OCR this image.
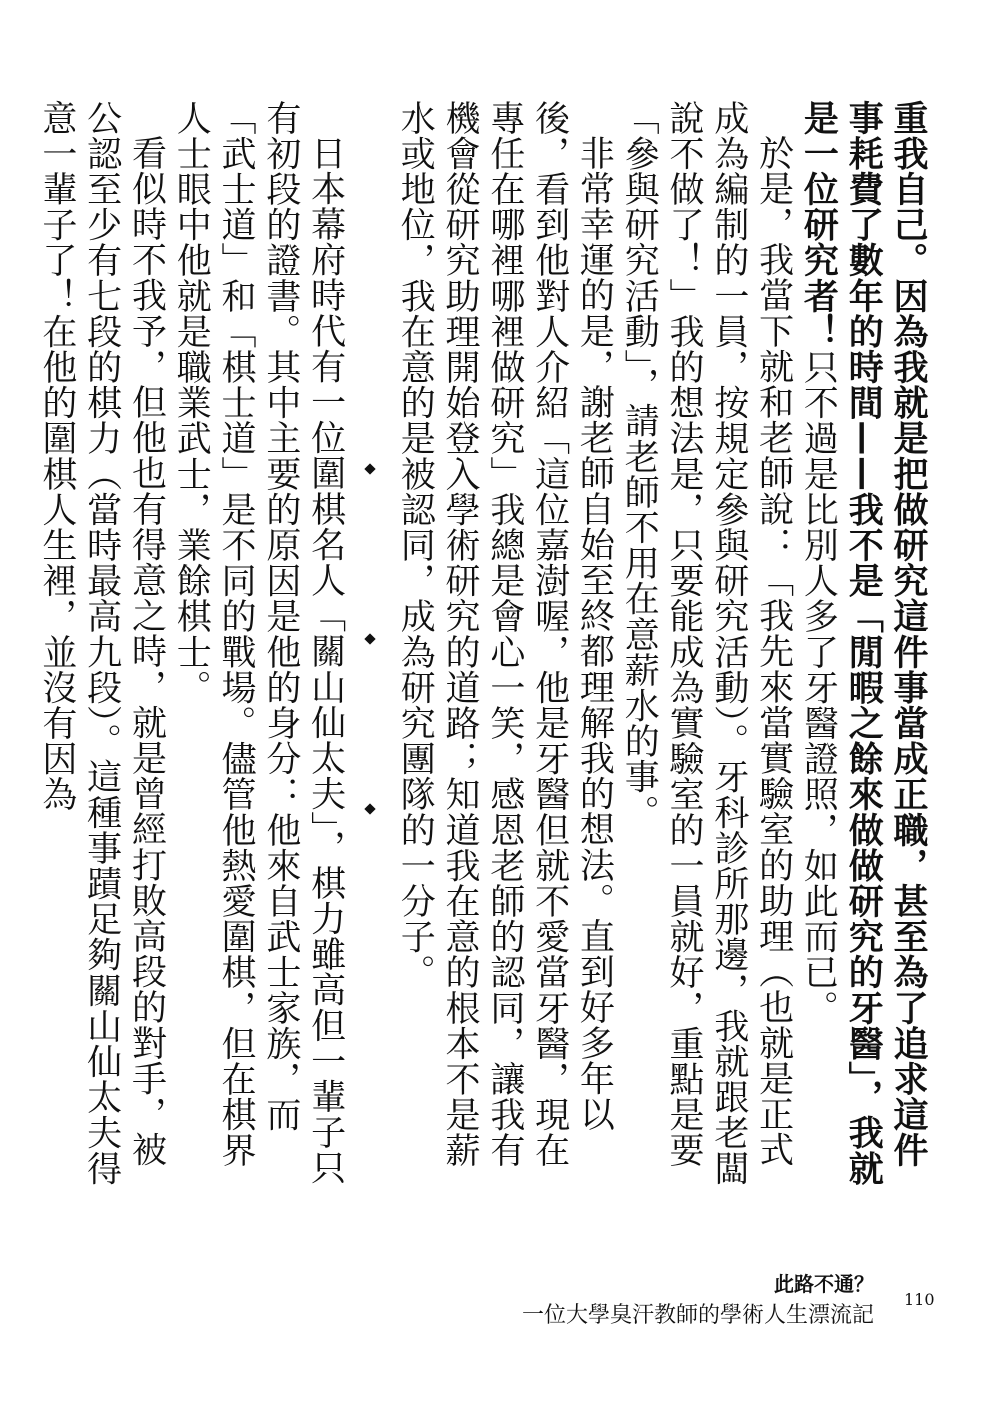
重我自己。因為我就是把做研究這件事當成正職，甚至為了追求這件事耗費了數年的時間——我不是「閒暇之餘來做做研究的牙醫」，我就是一位研究者！只不過是比別人多了牙醫證照，如此而已。

於是，我當下就和老師說：「我先來當實驗室的助理（也就是正式成為編制的一員，按規定參與研究活動）。牙科診所那邊，我就跟老闆說不做了！」我的想法是，只要能成為實驗室的一員就好，重點是要「參與研究活動」，請老師不用在意薪水的事。

非常幸運的是，謝老師自始至終都理解我的想法。直到好多年以後，看到他對人介紹「這位嘉澍喔，他是牙醫但就不愛當牙醫，現在專任在哪裡哪裡做研究」我總是會心一笑，感恩老師的認同，讓我有機會從研究助理開始登入學術研究的道路；知道我在意的根本不是薪水或地位，我在意的是被認同，成為研究團隊的一分子。

日本幕府時代有一位圍棋名人「關山仙太夫」，棋力雖高但一輩子只有初段的證書。其中主要的原因是他的身分：他來自武士家族，而「武士道」和「棋士道」是不同的戰場。儘管他熱愛圍棋，但在棋界人士眼中他就是職業武士，業餘棋士。

看似時不我予，但他也有得意之時，就是曾經打敗高段的對手，被公認至少有七段的棋力（當時最高九段）。這種事蹟足夠關山仙太夫得意一輩子了！在他的圍棋人生裡，並沒有因為

此路不通？
一位大學臭汗教師的學術人生漂流記
110
